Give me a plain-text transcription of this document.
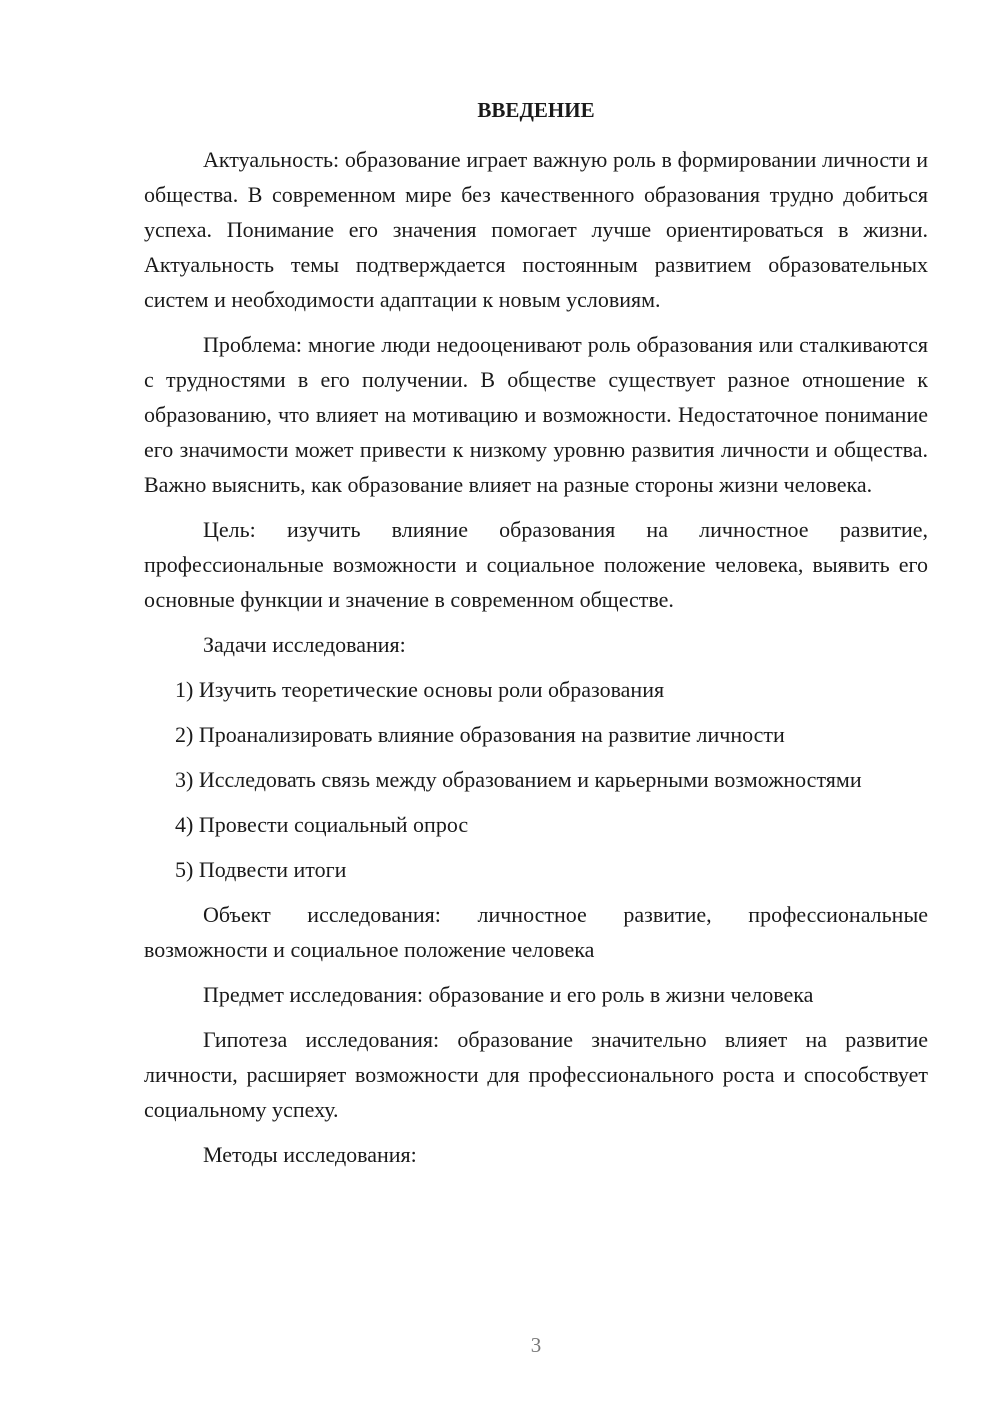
ВВЕДЕНИЕ

Актуальность: образование играет важную роль в формировании личности и общества. В современном мире без качественного образования трудно добиться успеха. Понимание его значения помогает лучше ориентироваться в жизни. Актуальность темы подтверждается постоянным развитием образовательных систем и необходимости адаптации к новым условиям.

Проблема: многие люди недооценивают роль образования или сталкиваются с трудностями в его получении. В обществе существует разное отношение к образованию, что влияет на мотивацию и возможности. Недостаточное понимание его значимости может привести к низкому уровню развития личности и общества. Важно выяснить, как образование влияет на разные стороны жизни человека.

Цель: изучить влияние образования на личностное развитие, профессиональные возможности и социальное положение человека, выявить его основные функции и значение в современном обществе.

Задачи исследования:

1) Изучить теоретические основы роли образования

2) Проанализировать влияние образования на развитие личности

3) Исследовать связь между образованием и карьерными возможностями

4) Провести социальный опрос

5) Подвести итоги

Объект исследования: личностное развитие, профессиональные возможности и социальное положение человека

Предмет исследования: образование и его роль в жизни человека

Гипотеза исследования: образование значительно влияет на развитие личности, расширяет возможности для профессионального роста и способствует социальному успеху.

Методы исследования:

3
